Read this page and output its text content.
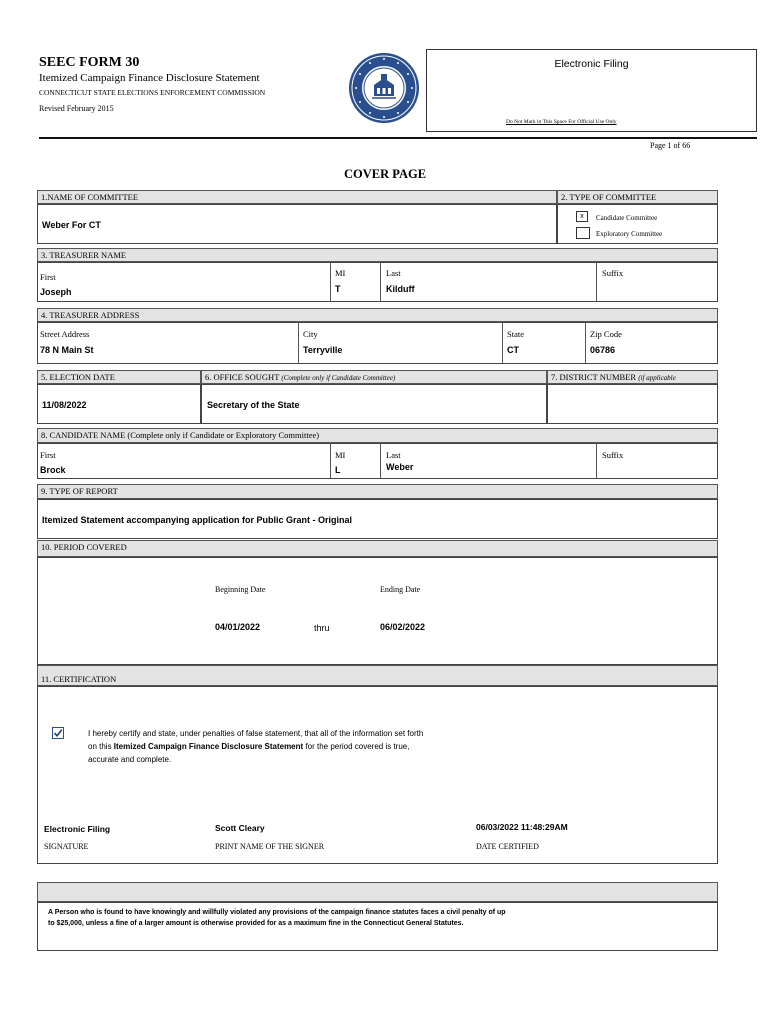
SEEC FORM 30
Itemized Campaign Finance Disclosure Statement
CONNECTICUT STATE ELECTIONS ENFORCEMENT COMMISSION
Revised February 2015
Electronic Filing
Do Not Mark in This Space For Official Use Only
Page 1 of 66
COVER PAGE
1.NAME OF COMMITTEE	2. TYPE OF COMMITTEE
Weber For CT
x	Candidate Committee
Exploratory Committee
3. TREASURER NAME
First
Joseph
MI
T
Last
Kilduff
Suffix
4. TREASURER ADDRESS
Street Address
78 N Main St
City
Terryville
State
CT
Zip Code
06786
5. ELECTION DATE	6. OFFICE SOUGHT (Complete only if Candidate Committee)	7. DISTRICT NUMBER (if applicable
11/08/2022	Secretary of the State
8. CANDIDATE NAME (Complete only if Candidate or Exploratory Committee)
First
Brock
MI
L
Last
Weber
Suffix
9. TYPE OF REPORT
Itemized Statement accompanying application for Public Grant - Original
10. PERIOD COVERED
Beginning Date
04/01/2022	thru
Ending Date
06/02/2022
11. CERTIFICATION
I hereby certify and state, under penalties of false statement, that all of the information set forth
on this Itemized Campaign Finance Disclosure Statement for the period covered is true,
accurate and complete.
Electronic Filing
SIGNATURE
Scott Cleary
PRINT NAME OF THE SIGNER
06/03/2022 11:48:29AM
DATE CERTIFIED
A Person who is found to have knowingly and willfully violated any provisions of the campaign finance statutes faces a civil penalty of up
to $25,000, unless a fine of a larger amount is otherwise provided for as a maximum fine in the Connecticut General Statutes.
